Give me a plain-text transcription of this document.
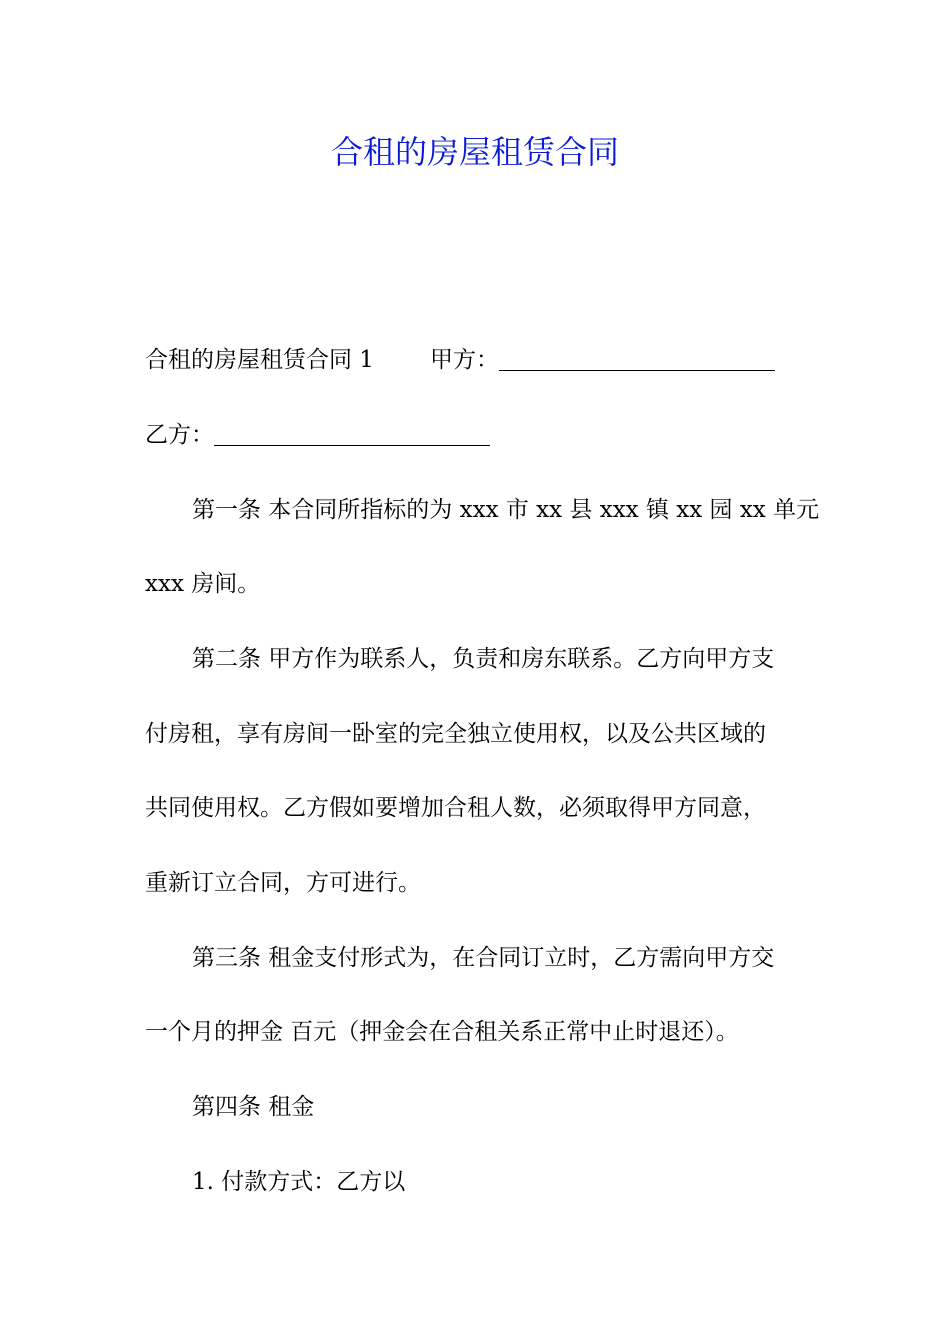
合租的房屋租赁合同
合租的房屋租赁合同 1 甲方：
乙方：
第一条 本合同所指标的为 xxx 市 xx 县 xxx 镇 xx 园 xx 单元
xxx 房间。
第二条 甲方作为联系人，负责和房东联系。乙方向甲方支
付房租，享有房间一卧室的完全独立使用权，以及公共区域的
共同使用权。乙方假如要增加合租人数，必须取得甲方同意，
重新订立合同，方可进行。
第三条 租金支付形式为，在合同订立时，乙方需向甲方交
一个月的押金 百元（押金会在合租关系正常中止时退还）。
第四条 租金
1. 付款方式：乙方以
